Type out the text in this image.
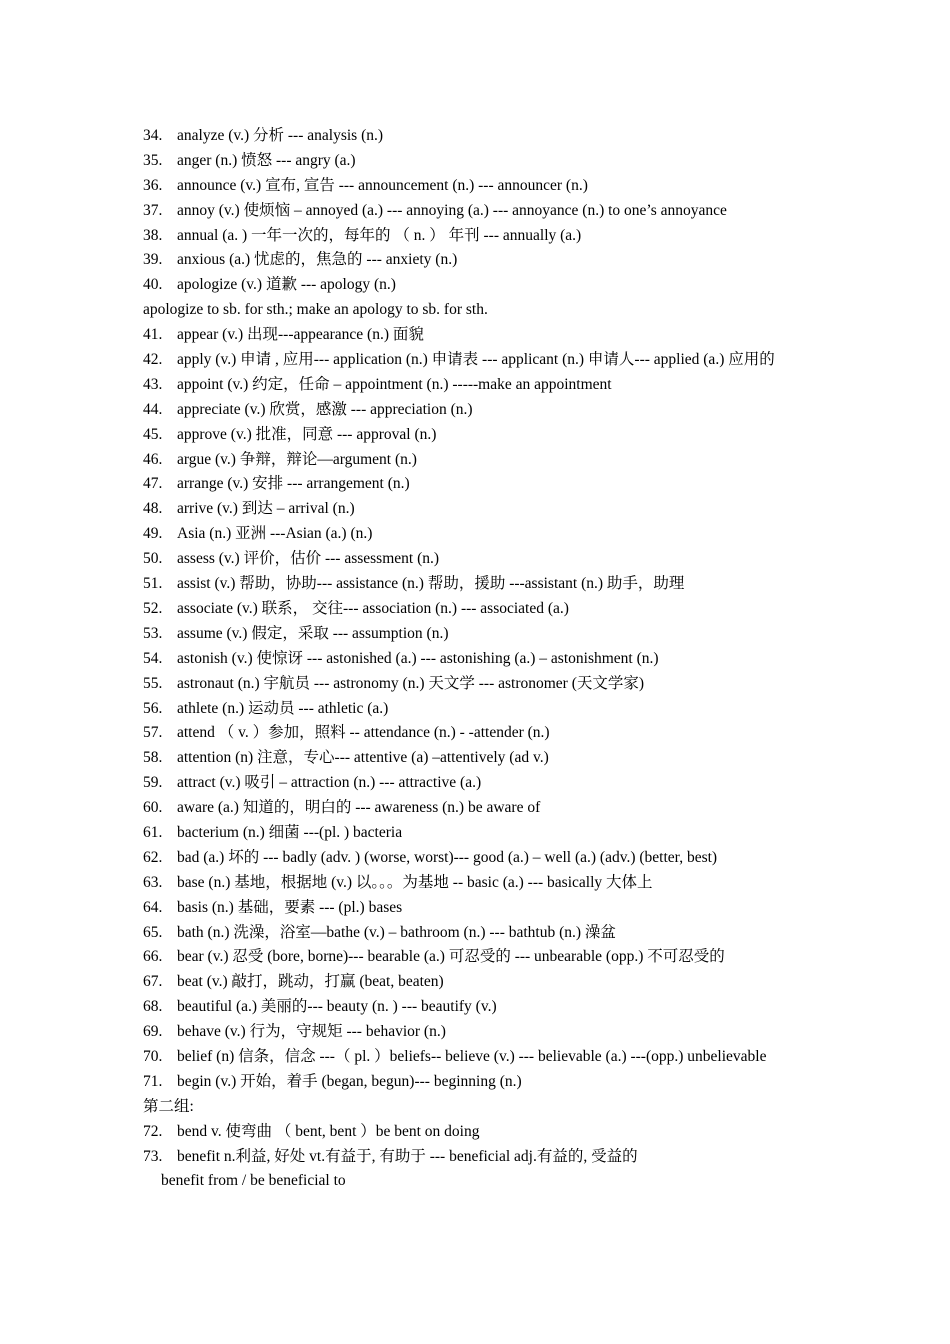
34. analyze (v.) 分析 --- analysis (n.)
35. anger (n.) 愤怒 --- angry (a.)
36. announce (v.) 宣布, 宣告 --- announcement (n.) --- announcer (n.)
37. annoy (v.) 使烦恼 – annoyed (a.) --- annoying (a.) --- annoyance (n.) to one’s annoyance
38. annual (a. ) 一年一次的，每年的 （ n. ） 年刊 --- annually (a.)
39. anxious (a.) 忧虑的，焦急的 --- anxiety (n.)
40. apologize (v.) 道歉 --- apology (n.)
apologize to sb. for sth.; make an apology to sb. for sth.
41. appear (v.) 出现---appearance (n.) 面貌
42. apply (v.) 申请 , 应用--- application (n.) 申请表 --- applicant (n.) 申请人--- applied (a.) 应用的
43. appoint (v.) 约定，任命 – appointment (n.) -----make an appointment
44. appreciate (v.) 欣赏，感激 --- appreciation (n.)
45. approve (v.) 批准，同意 --- approval (n.)
46. argue (v.) 争辩，辩论—argument (n.)
47. arrange (v.) 安排 --- arrangement (n.)
48. arrive (v.) 到达 – arrival (n.)
49. Asia (n.) 亚洲 ---Asian (a.) (n.)
50. assess (v.) 评价，估价 --- assessment (n.)
51. assist (v.) 帮助，协助--- assistance (n.) 帮助，援助 ---assistant (n.) 助手，助理
52. associate (v.) 联系， 交往--- association (n.) --- associated (a.)
53. assume (v.) 假定，采取 --- assumption (n.)
54. astonish (v.) 使惊讶 --- astonished (a.) --- astonishing (a.) – astonishment (n.)
55. astronaut (n.) 宇航员 --- astronomy (n.) 天文学 --- astronomer (天文学家)
56. athlete (n.) 运动员 --- athletic (a.)
57. attend （ v. ）参加，照料 -- attendance (n.) - -attender (n.)
58. attention (n) 注意，专心--- attentive (a) –attentively (ad v.)
59. attract (v.) 吸引 – attraction (n.) --- attractive (a.)
60. aware (a.) 知道的，明白的 --- awareness (n.) be aware of
61. bacterium (n.) 细菌 ---(pl. ) bacteria
62. bad (a.) 坏的 --- badly (adv. ) (worse, worst)--- good (a.) – well (a.) (adv.) (better, best)
63. base (n.) 基地，根据地 (v.) 以。。。为基地 -- basic (a.) --- basically 大体上
64. basis (n.) 基础，要素 --- (pl.) bases
65. bath (n.) 洗澡，浴室—bathe (v.) – bathroom (n.) --- bathtub (n.) 澡盆
66. bear (v.) 忍受 (bore, borne)--- bearable (a.) 可忍受的 --- unbearable (opp.) 不可忍受的
67. beat (v.) 敲打，跳动，打赢 (beat, beaten)
68. beautiful (a.) 美丽的--- beauty (n. ) --- beautify (v.)
69. behave (v.) 行为，守规矩 --- behavior (n.)
70. belief (n) 信条，信念 ---（ pl. ）beliefs-- believe (v.) --- believable (a.) ---(opp.) unbelievable
71. begin (v.) 开始，着手 (began, begun)--- beginning (n.)
第二组:
72. bend v. 使弯曲 （ bent, bent ）be bent on doing
73. benefit n.利益, 好处 vt.有益于, 有助于 --- beneficial adj.有益的, 受益的
benefit from / be beneficial to
